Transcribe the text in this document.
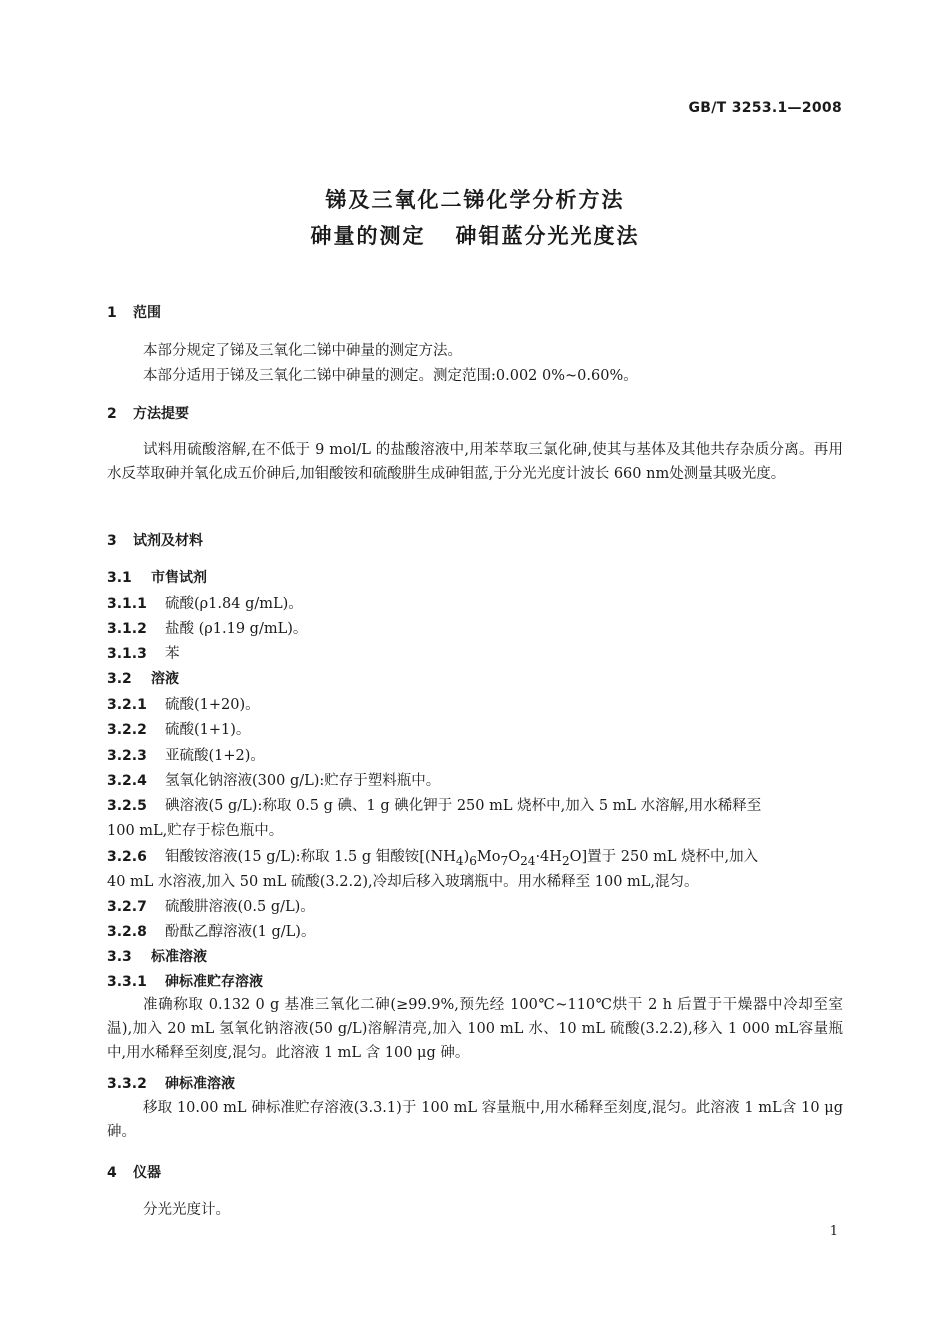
GB/T 3253.1—2008
锑及三氧化二锑化学分析方法
砷量的测定 砷钼蓝分光光度法
1 范围
本部分规定了锑及三氧化二锑中砷量的测定方法。
本部分适用于锑及三氧化二锑中砷量的测定。测定范围:0.002 0%~0.60%。
2 方法提要
试料用硫酸溶解,在不低于 9 mol/L 的盐酸溶液中,用苯萃取三氯化砷,使其与基体及其他共存杂质分离。再用水反萃取砷并氧化成五价砷后,加钼酸铵和硫酸肼生成砷钼蓝,于分光光度计波长 660 nm处测量其吸光度。
3 试剂及材料
3.1 市售试剂
3.1.1 硫酸(ρ1.84 g/mL)。
3.1.2 盐酸 (ρ1.19 g/mL)。
3.1.3 苯
3.2 溶液
3.2.1 硫酸(1+20)。
3.2.2 硫酸(1+1)。
3.2.3 亚硫酸(1+2)。
3.2.4 氢氧化钠溶液(300 g/L):贮存于塑料瓶中。
3.2.5 碘溶液(5 g/L):称取 0.5 g 碘、1 g 碘化钾于 250 mL 烧杯中,加入 5 mL 水溶解,用水稀释至
100 mL,贮存于棕色瓶中。
3.2.6 钼酸铵溶液(15 g/L):称取 1.5 g 钼酸铵$[(NH_4)_6Mo_7O_{24}\cdot 4H_2O]$置于 250 mL 烧杯中,加入
40 mL 水溶液,加入 50 mL 硫酸(3.2.2),冷却后移入玻璃瓶中。用水稀释至 100 mL,混匀。
3.2.7 硫酸肼溶液(0.5 g/L)。
3.2.8 酚酞乙醇溶液(1 g/L)。
3.3 标准溶液
3.3.1 砷标准贮存溶液
准确称取 0.132 0 g 基准三氧化二砷(≥99.9%,预先经 100℃~110℃烘干 2 h 后置于干燥器中冷却至室温),加入 20 mL 氢氧化钠溶液(50 g/L)溶解清亮,加入 100 mL 水、10 mL 硫酸(3.2.2),移入 1 000 mL容量瓶中,用水稀释至刻度,混匀。此溶液 1 mL 含 100 μg 砷。
3.3.2 砷标准溶液
移取 10.00 mL 砷标准贮存溶液(3.3.1)于 100 mL 容量瓶中,用水稀释至刻度,混匀。此溶液 1 mL含 10 μg 砷。
4 仪器
分光光度计。
1
